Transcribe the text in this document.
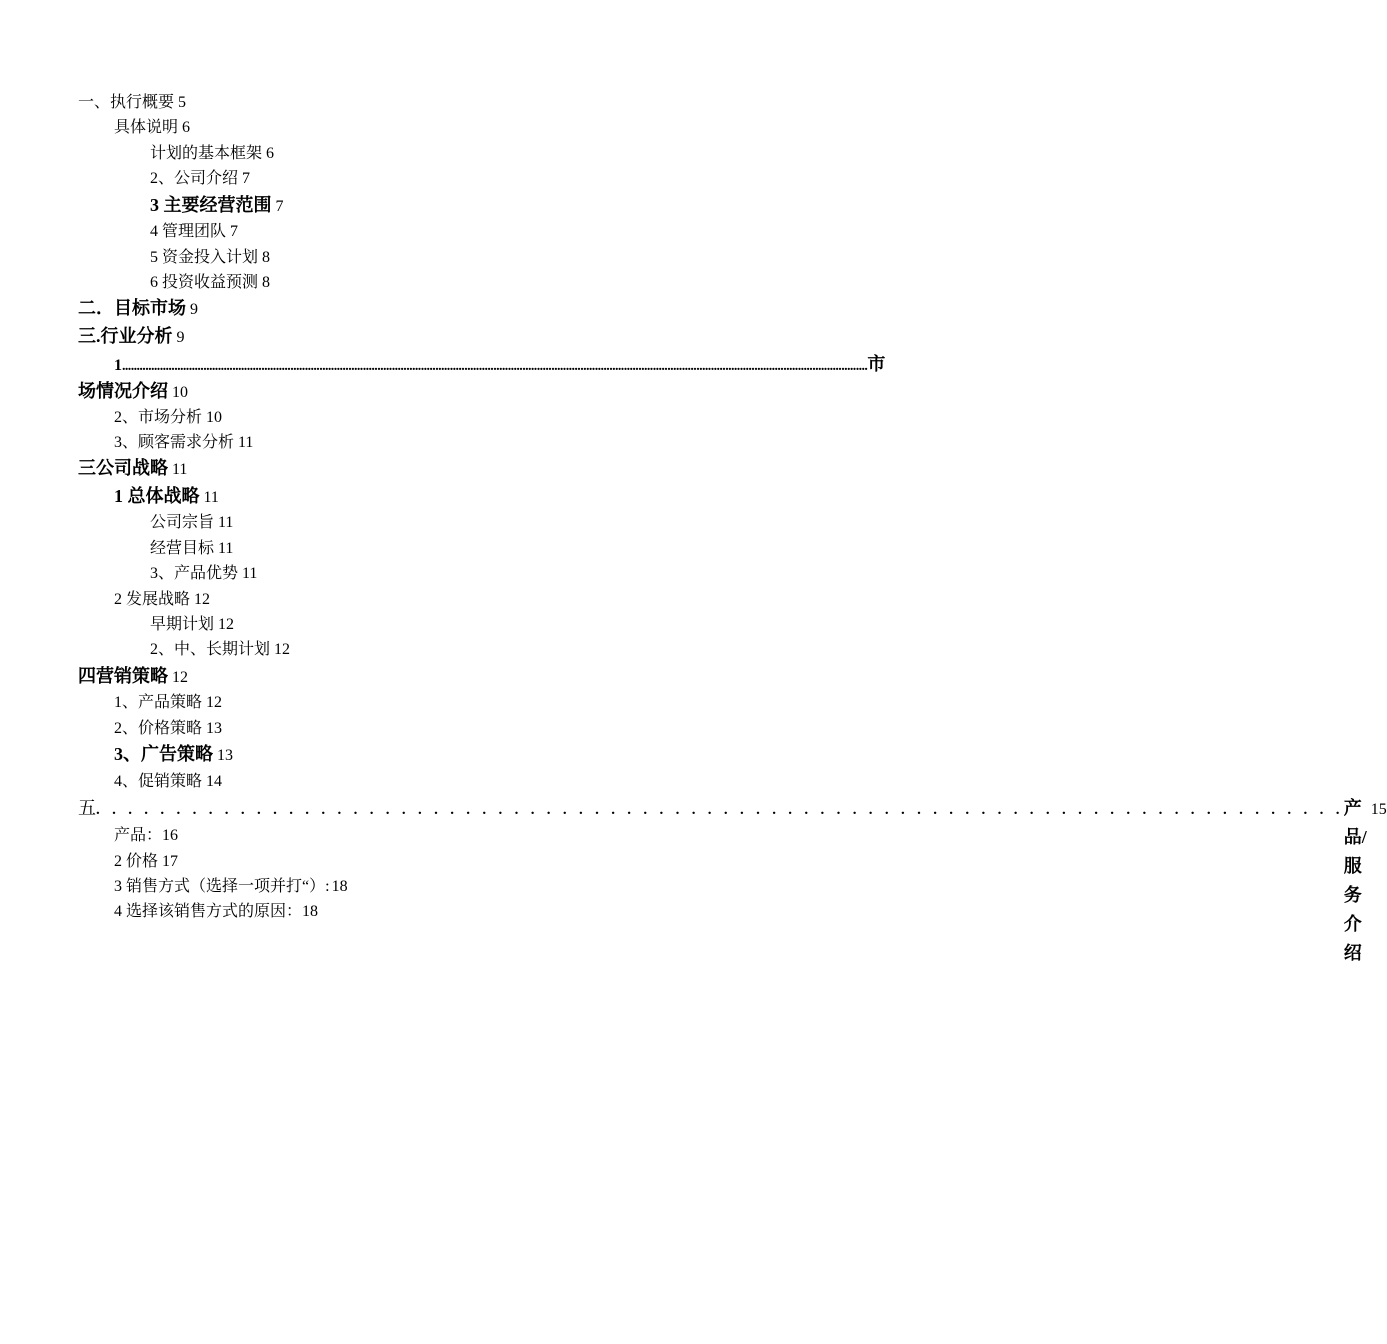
一、执行概要 5
具体说明 6
计划的基本框架 6
2、公司介绍 7
3 主要经营范围 7
4 管理团队 7
5 资金投入计划 8
6 投资收益预测 8
二．目标市场 9
三.行业分析 9
1 ................................................................................................................................................................................................................................................................. 市
场情况介绍 10
2、市场分析 10
3、顾客需求分析 11
三公司战略 11
1 总体战略 11
公司宗旨 11
经营目标 11
3、产品优势 11
2 发展战略 12
早期计划 12
2、中、长期计划 12
四营销策略 12
1、产品策略 12
2、价格策略 13
3、广告策略 13
4、促销策略 14
五 . . . . . . . . . . . . . . . . . . . . . . . . . . . . . . . . . . . . . . . . . . . . . . . . . . . . . . . . . . . . . . . . . . . . . . . . . . . . . . 产品/服务介绍
15
产品：16
2 价格 17
3 销售方式（选择一项并打“）: 18
4 选择该销售方式的原因：18
